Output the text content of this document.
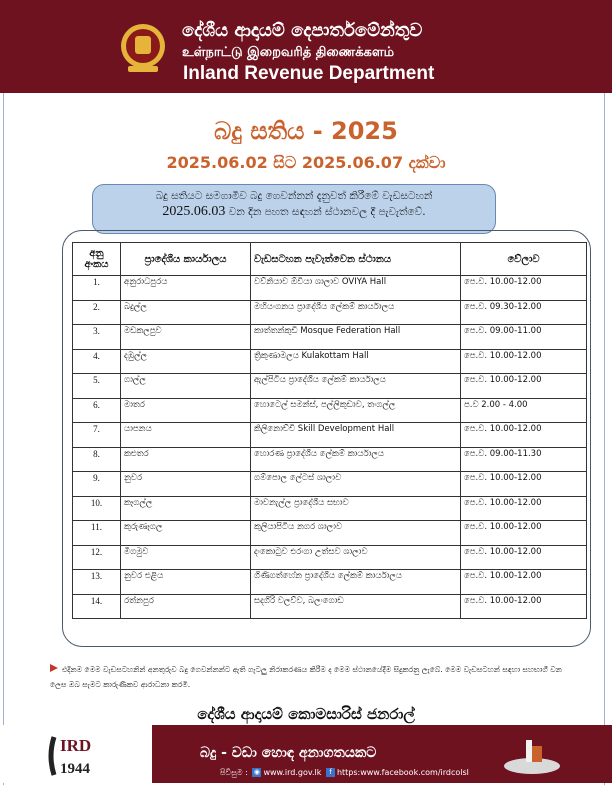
දේශීය ආදායම් දෙපාර්තමේන්තුව
உள்நாட்டு இறைவரித் திணைக்களம்
Inland Revenue Department
බදු සතිය - 2025
2025.06.02 සිට 2025.06.07 දක්වා
බදු සතියට සමගාමීව බදු ගෙවන්නන් දැනුවත් කිරීමේ වැඩසටහන්
2025.06.03 වන දින පහත සඳහන් ස්ථානවල දී පැවැත්වේ.
අනු අංකය	ප්‍රාදේශීය කාර්යාලය	වැඩසටහන පැවැත්වෙන ස්ථානය	වේලාව
1.	අනුරාධපුරය	වව්නියාව ඕවියා ශාලාව OVIYA Hall	පෙ.ව. 10.00-12.00
2.	බදුල්ල	මහියංගනය ප්‍රාදේශීය ලේකම් කාර්යාලය	පෙ.ව. 09.30-12.00
3.	මඩකලපුව	කාත්තන්කුඩි Mosque Federation Hall	පෙ.ව. 09.00-11.00
4.	දඹුල්ල	ත්‍රිකුණාමලය Kulakottam Hall	පෙ.ව. 10.00-12.00
5.	ගාල්ල	ඇල්පිටිය ප්‍රාදේශීය ලේකම් කාර්යාලය	පෙ.ව. 10.00-12.00
6.	මාතර	හොටෙල් සමන්ස්, පල්ලිකුඩාව, තංගල්ල	ප.ව 2.00 - 4.00
7.	යාපනය	කිලිනොච්චි Skill Development Hall	පෙ.ව. 10.00-12.00
8.	කළුතර	හොරණ ප්‍රාදේශීය ලේකම් කාර්යාලය	පෙ.ව. 09.00-11.30
9.	නුවර	ගම්පොල ලේටස් ශාලාව	පෙ.ව. 10.00-12.00
10.	කෑගල්ල	මාවනැල්ල ප්‍රාදේශීය සභාව	පෙ.ව. 10.00-12.00
11.	කුරුණෑගල	කුලියාපිටිය නගර ශාලාව	පෙ.ව. 10.00-12.00
12.	මීගමුව	දංකොටුව එරංගා උත්සව ශාලාව	පෙ.ව. 10.00-12.00
13.	නුවර එළිය	ගිණිගත්හේන ප්‍රාදේශීය ලේකම් කාර්යාලය	පෙ.ව. 10.00-12.00
14.	රත්නපුර	සදගිරි වලව්ව, බලංගොඩ	පෙ.ව. 10.00-12.00
එදිනම මෙම වැඩසටහනින් අනතුරුව බදු ගෙවන්නන්ට ඇති ගැටලු නිරාකරණය කිරීම ද මෙම ස්ථානයේදීම සිදුකරනු ලැබේ. මෙම වැඩසටහන් සඳහා සහභාගී වන ලෙස ඔබ සැමට කාරුණිකව ආරාධනා කරමි.
දේශීය ආදායම් කොමසාරිස් ජනරාල්
IRD
1944
බදු - වඩා හොඳ අනාගතයකට
පිවිසුම : ◉ www.ird.gov.lk f https:www.facebook.com/irdcolsl
